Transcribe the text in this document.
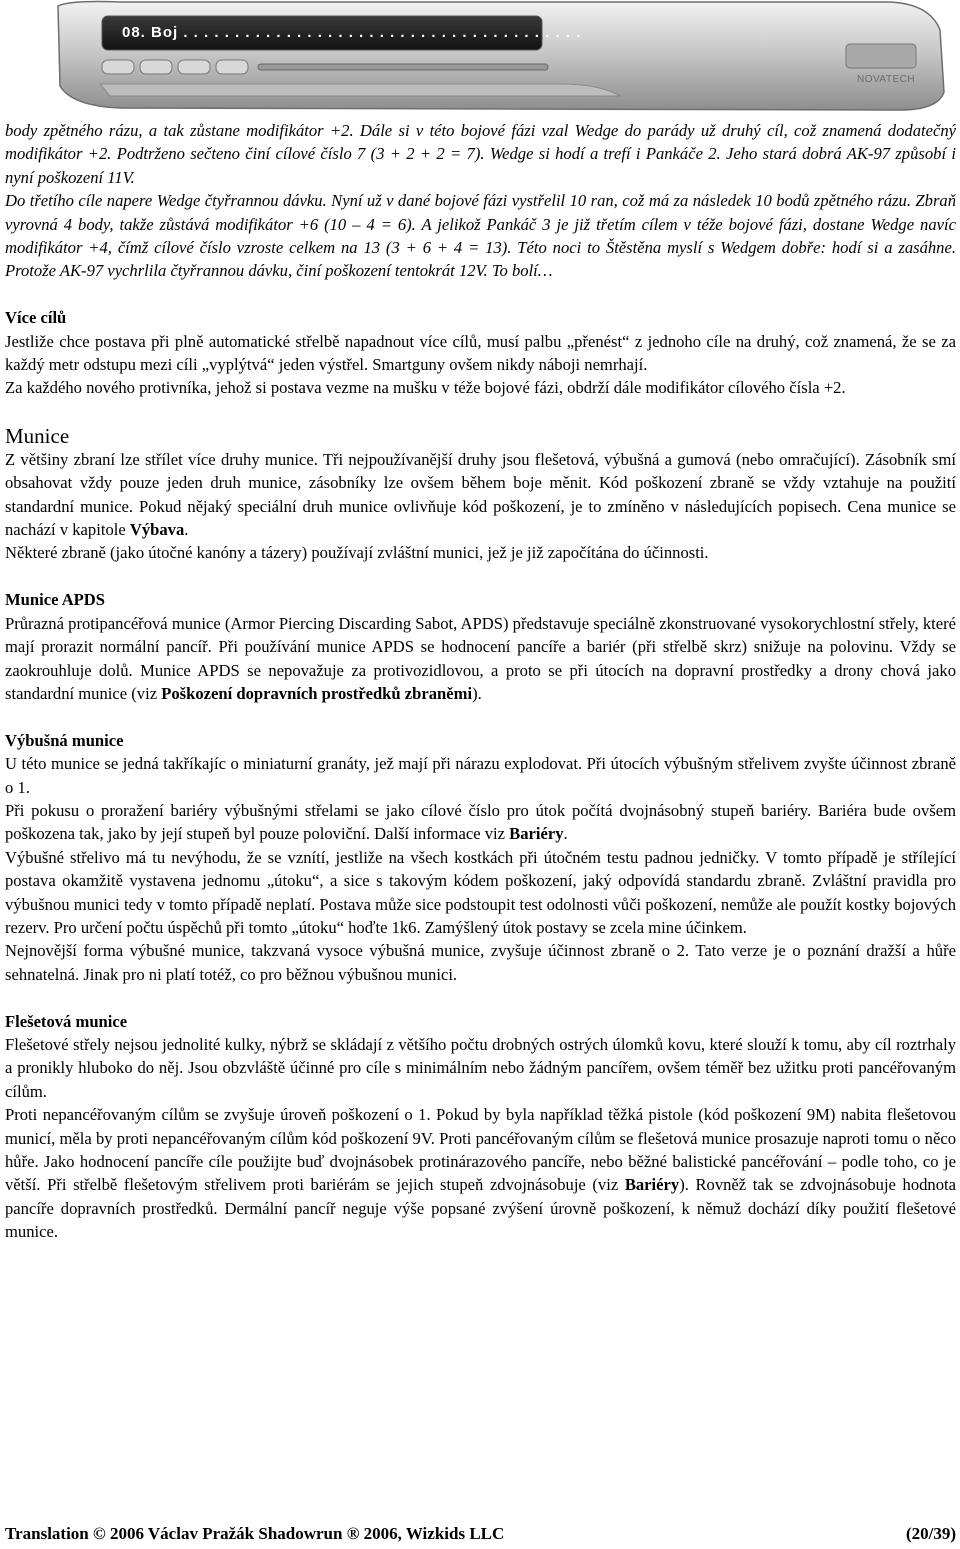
08. Boj . . . . . . . . . . . . . . . . . . . . . . . . . . . . . . . . . . . . . . .
NOVATECH

body zpětného rázu, a tak zůstane modifikátor +2. Dále si v této bojové fázi vzal Wedge do parády už druhý cíl, což znamená dodatečný modifikátor +2. Podtrženo sečteno činí cílové číslo 7 (3 + 2 + 2 = 7). Wedge si hodí a trefí i Pankáče 2. Jeho stará dobrá AK-97 způsobí i nyní poškození 11V.

Do třetího cíle napere Wedge čtyřrannou dávku. Nyní už v dané bojové fázi vystřelil 10 ran, což má za následek 10 bodů zpětného rázu. Zbraň vyrovná 4 body, takže zůstává modifikátor +6 (10 – 4 = 6). A jelikož Pankáč 3 je již třetím cílem v téže bojové fázi, dostane Wedge navíc modifikátor +4, čímž cílové číslo vzroste celkem na 13 (3 + 6 + 4 = 13). Této noci to Štěstěna myslí s Wedgem dobře: hodí si a zasáhne. Protože AK-97 vychrlila čtyřrannou dávku, činí poškození tentokrát 12V. To bolí…

Více cílů

Jestliže chce postava při plně automatické střelbě napadnout více cílů, musí palbu „přenést“ z jednoho cíle na druhý, což znamená, že se za každý metr odstupu mezi cíli „vyplýtvá“ jeden výstřel. Smartguny ovšem nikdy náboji nemrhají.

Za každého nového protivníka, jehož si postava vezme na mušku v téže bojové fázi, obdrží dále modifikátor cílového čísla +2.

Munice

Z většiny zbraní lze střílet více druhy munice. Tři nejpoužívanější druhy jsou flešetová, výbušná a gumová (nebo omračující). Zásobník smí obsahovat vždy pouze jeden druh munice, zásobníky lze ovšem během boje měnit. Kód poškození zbraně se vždy vztahuje na použití standardní munice. Pokud nějaký speciální druh munice ovlivňuje kód poškození, je to zmíněno v následujících popisech. Cena munice se nachází v kapitole Výbava.

Některé zbraně (jako útočné kanóny a tázery) používají zvláštní munici, jež je již započítána do účinnosti.

Munice APDS

Průrazná protipancéřová munice (Armor Piercing Discarding Sabot, APDS) představuje speciálně zkonstruované vysokorychlostní střely, které mají prorazit normální pancíř. Při používání munice APDS se hodnocení pancíře a bariér (při střelbě skrz) snižuje na polovinu. Vždy se zaokrouhluje dolů. Munice APDS se nepovažuje za protivozidlovou, a proto se při útocích na dopravní prostředky a drony chová jako standardní munice (viz Poškození dopravních prostředků zbraněmi).

Výbušná munice

U této munice se jedná takříkajíc o miniaturní granáty, jež mají při nárazu explodovat. Při útocích výbušným střelivem zvyšte účinnost zbraně o 1.

Při pokusu o proražení bariéry výbušnými střelami se jako cílové číslo pro útok počítá dvojnásobný stupeň bariéry. Bariéra bude ovšem poškozena tak, jako by její stupeň byl pouze poloviční. Další informace viz Bariéry.

Výbušné střelivo má tu nevýhodu, že se vznítí, jestliže na všech kostkách při útočném testu padnou jedničky. V tomto případě je střílející postava okamžitě vystavena jednomu „útoku“, a sice s takovým kódem poškození, jaký odpovídá standardu zbraně. Zvláštní pravidla pro výbušnou munici tedy v tomto případě neplatí. Postava může sice podstoupit test odolnosti vůči poškození, nemůže ale použít kostky bojových rezerv. Pro určení počtu úspěchů při tomto „útoku“ hoďte 1k6. Zamýšlený útok postavy se zcela mine účinkem.

Nejnovější forma výbušné munice, takzvaná vysoce výbušná munice, zvyšuje účinnost zbraně o 2. Tato verze je o poznání dražší a hůře sehnatelná. Jinak pro ni platí totéž, co pro běžnou výbušnou munici.

Flešetová munice

Flešetové střely nejsou jednolité kulky, nýbrž se skládají z většího počtu drobných ostrých úlomků kovu, které slouží k tomu, aby cíl roztrhaly a pronikly hluboko do něj. Jsou obzvláště účinné pro cíle s minimálním nebo žádným pancířem, ovšem téměř bez užitku proti pancéřovaným cílům.

Proti nepancéřovaným cílům se zvyšuje úroveň poškození o 1. Pokud by byla například těžká pistole (kód poškození 9M) nabita flešetovou municí, měla by proti nepancéřovaným cílům kód poškození 9V. Proti pancéřovaným cílům se flešetová munice prosazuje naproti tomu o něco hůře. Jako hodnocení pancíře cíle použijte buď dvojnásobek protinárazového pancíře, nebo běžné balistické pancéřování – podle toho, co je větší. Při střelbě flešetovým střelivem proti bariérám se jejich stupeň zdvojnásobuje (viz Bariéry). Rovněž tak se zdvojnásobuje hodnota pancíře dopravních prostředků. Dermální pancíř neguje výše popsané zvýšení úrovně poškození, k němuž dochází díky použití flešetové munice.

Translation © 2006 Václav Pražák Shadowrun ® 2006, Wizkids LLC	(20/39)
